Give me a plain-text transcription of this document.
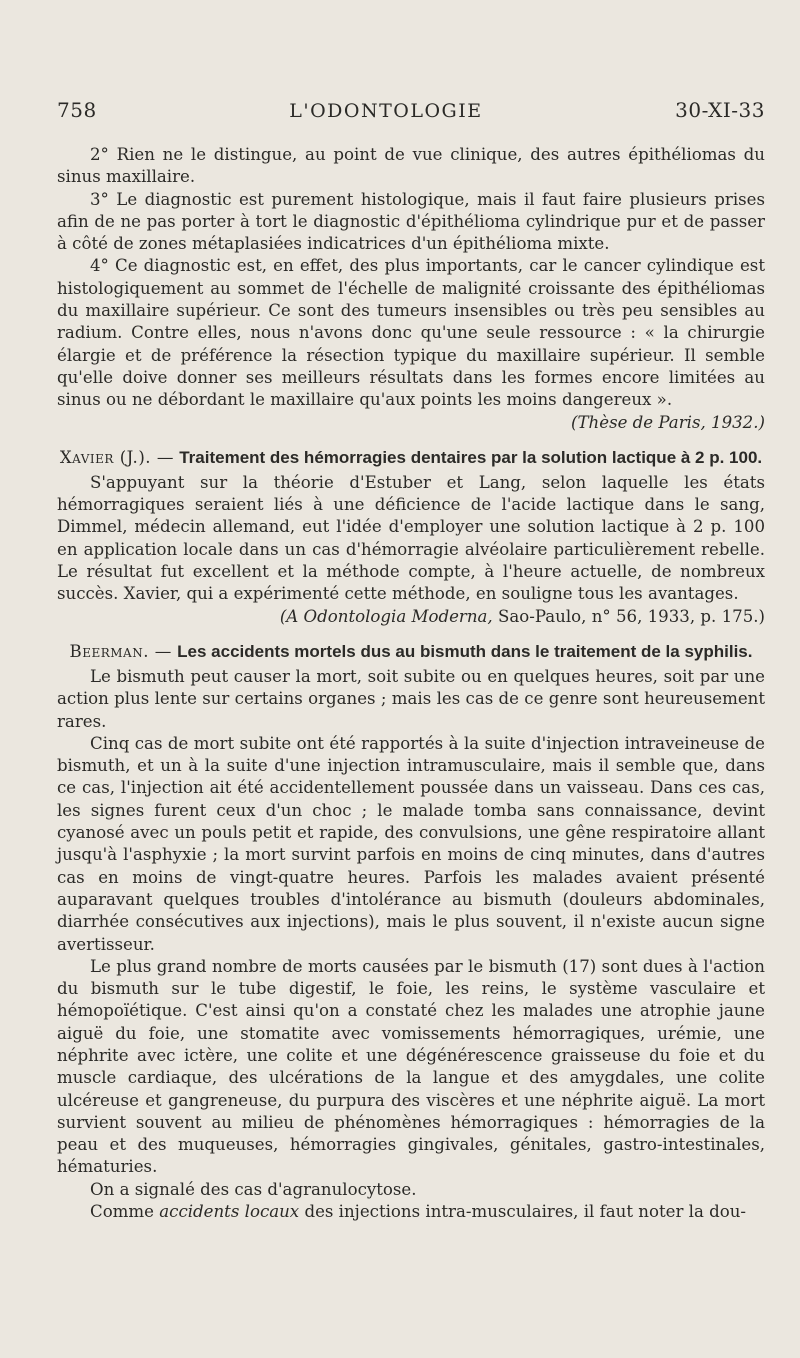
758	L'ODONTOLOGIE	30-XI-33

2° Rien ne le distingue, au point de vue clinique, des autres épithéliomas du sinus maxillaire.

3° Le diagnostic est purement histologique, mais il faut faire plusieurs prises afin de ne pas porter à tort le diagnostic d'épithélioma cylindrique pur et de passer à côté de zones métaplasiées indicatrices d'un épithélioma mixte.

4° Ce diagnostic est, en effet, des plus importants, car le cancer cylindique est histologiquement au sommet de l'échelle de malignité croissante des épithéliomas du maxillaire supérieur. Ce sont des tumeurs insensibles ou très peu sensibles au radium. Contre elles, nous n'avons donc qu'une seule ressource : « la chirurgie élargie et de préférence la résection typique du maxillaire supérieur. Il semble qu'elle doive donner ses meilleurs résultats dans les formes encore limitées au sinus ou ne débordant le maxillaire qu'aux points les moins dangereux ».

(Thèse de Paris, 1932.)

Xavier (J.). — Traitement des hémorragies dentaires par la solution lactique à 2 p. 100.

S'appuyant sur la théorie d'Estuber et Lang, selon laquelle les états hémorragiques seraient liés à une déficience de l'acide lactique dans le sang, Dimmel, médecin allemand, eut l'idée d'employer une solution lactique à 2 p. 100 en application locale dans un cas d'hémorragie alvéolaire particulièrement rebelle. Le résultat fut excellent et la méthode compte, à l'heure actuelle, de nombreux succès. Xavier, qui a expérimenté cette méthode, en souligne tous les avantages.

(A Odontologia Moderna, Sao-Paulo, n° 56, 1933, p. 175.)

Beerman. — Les accidents mortels dus au bismuth dans le traitement de la syphilis.

Le bismuth peut causer la mort, soit subite ou en quelques heures, soit par une action plus lente sur certains organes ; mais les cas de ce genre sont heureusement rares.

Cinq cas de mort subite ont été rapportés à la suite d'injection intraveineuse de bismuth, et un à la suite d'une injection intramusculaire, mais il semble que, dans ce cas, l'injection ait été accidentellement poussée dans un vaisseau. Dans ces cas, les signes furent ceux d'un choc ; le malade tomba sans connaissance, devint cyanosé avec un pouls petit et rapide, des convulsions, une gêne respiratoire allant jusqu'à l'asphyxie ; la mort survint parfois en moins de cinq minutes, dans d'autres cas en moins de vingt-quatre heures. Parfois les malades avaient présenté auparavant quelques troubles d'intolérance au bismuth (douleurs abdominales, diarrhée consécutives aux injections), mais le plus souvent, il n'existe aucun signe avertisseur.

Le plus grand nombre de morts causées par le bismuth (17) sont dues à l'action du bismuth sur le tube digestif, le foie, les reins, le système vasculaire et hémopoïétique. C'est ainsi qu'on a constaté chez les malades une atrophie jaune aiguë du foie, une stomatite avec vomissements hémorragiques, urémie, une néphrite avec ictère, une colite et une dégénérescence graisseuse du foie et du muscle cardiaque, des ulcérations de la langue et des amygdales, une colite ulcéreuse et gangreneuse, du purpura des viscères et une néphrite aiguë. La mort survient souvent au milieu de phénomènes hémorragiques : hémorragies de la peau et des muqueuses, hémorragies gingivales, génitales, gastro-intestinales, hématuries.

On a signalé des cas d'agranulocytose.

Comme accidents locaux des injections intra-musculaires, il faut noter la dou-
